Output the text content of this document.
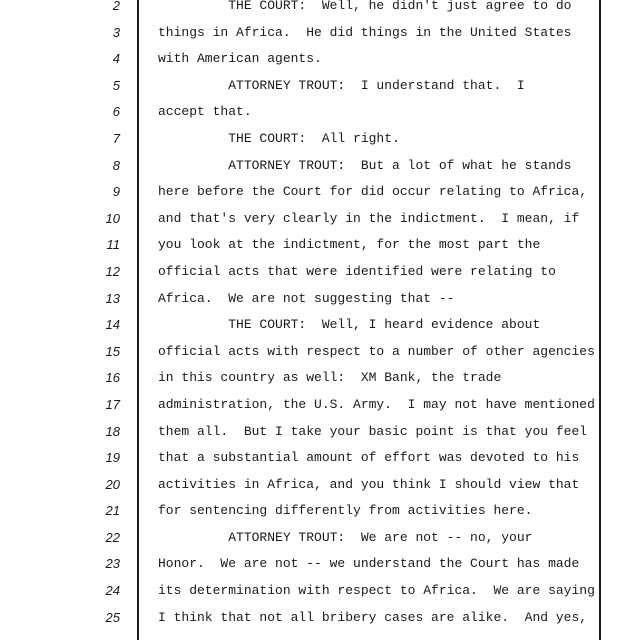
2	THE COURT:  Well, he didn't just agree to do
3	things in Africa.  He did things in the United States
4	with American agents.
5	ATTORNEY TROUT:  I understand that.  I
6	accept that.
7	THE COURT:  All right.
8	ATTORNEY TROUT:  But a lot of what he stands
9	here before the Court for did occur relating to Africa,
10	and that's very clearly in the indictment.  I mean, if
11	you look at the indictment, for the most part the
12	official acts that were identified were relating to
13	Africa.  We are not suggesting that --
14	THE COURT:  Well, I heard evidence about
15	official acts with respect to a number of other agencies
16	in this country as well:  XM Bank, the trade
17	administration, the U.S. Army.  I may not have mentioned
18	them all.  But I take your basic point is that you feel
19	that a substantial amount of effort was devoted to his
20	activities in Africa, and you think I should view that
21	for sentencing differently from activities here.
22	ATTORNEY TROUT:  We are not -- no, your
23	Honor.  We are not -- we understand the Court has made
24	its determination with respect to Africa.  We are saying
25	I think that not all bribery cases are alike.  And yes,
